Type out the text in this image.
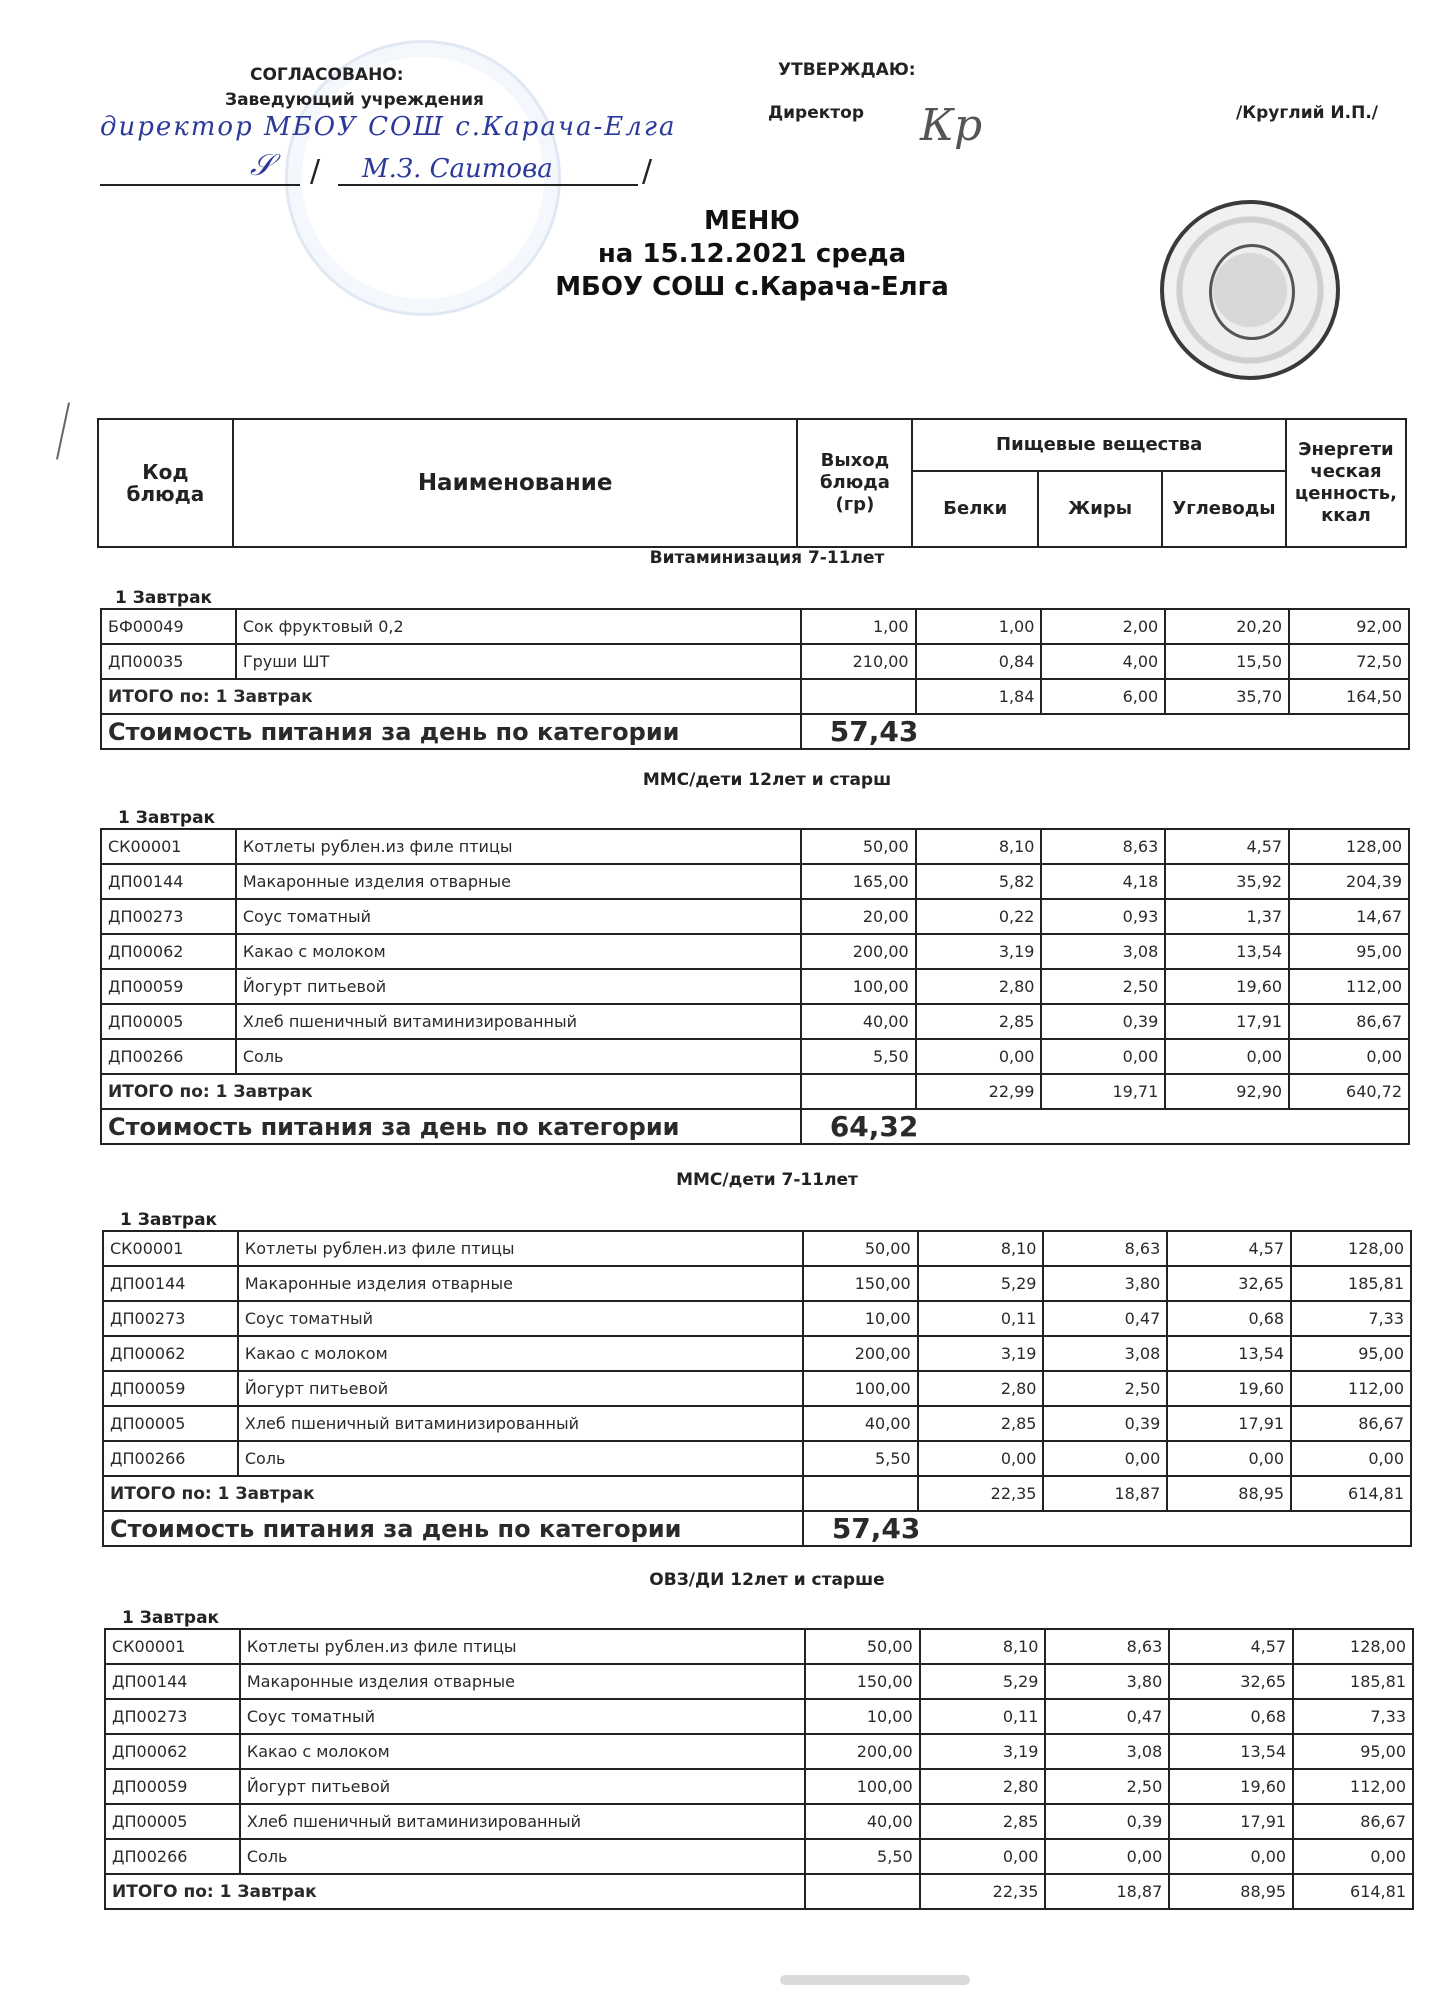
СОГЛАСОВАНО:
Заведующий учреждения
директор МБОУ СОШ с.Карача-Елга
𝒮 / М.З. Саитова	/
УТВЕРЖДАЮ:
Директор Кр	/Круглий И.П./
МЕНЮ
на 15.12.2021 среда
МБОУ СОШ с.Карача-Елга
Код блюда	Наименование	Выход блюда (гр)	Пищевые вещества			Энергети ческая ценность, ккал
			Белки	Жиры	Углеводы	
Витаминизация 7-11лет
1 Завтрак
БФ00049	Сок фруктовый 0,2	1,00	1,00	2,00	20,20	92,00
ДП00035	Груши ШТ	210,00	0,84	4,00	15,50	72,50
ИТОГО по: 1 Завтрак			1,84	6,00	35,70	164,50
Стоимость питания за день по категории		57,43				
ММС/дети 12лет и старш
1 Завтрак
СК00001	Котлеты рублен.из филе птицы	50,00	8,10	8,63	4,57	128,00
ДП00144	Макаронные изделия отварные	165,00	5,82	4,18	35,92	204,39
ДП00273	Соус томатный	20,00	0,22	0,93	1,37	14,67
ДП00062	Какао с молоком	200,00	3,19	3,08	13,54	95,00
ДП00059	Йогурт питьевой	100,00	2,80	2,50	19,60	112,00
ДП00005	Хлеб пшеничный витаминизированный	40,00	2,85	0,39	17,91	86,67
ДП00266	Соль	5,50	0,00	0,00	0,00	0,00
ИТОГО по: 1 Завтрак			22,99	19,71	92,90	640,72
Стоимость питания за день по категории		64,32				
ММС/дети 7-11лет
1 Завтрак
СК00001	Котлеты рублен.из филе птицы	50,00	8,10	8,63	4,57	128,00
ДП00144	Макаронные изделия отварные	150,00	5,29	3,80	32,65	185,81
ДП00273	Соус томатный	10,00	0,11	0,47	0,68	7,33
ДП00062	Какао с молоком	200,00	3,19	3,08	13,54	95,00
ДП00059	Йогурт питьевой	100,00	2,80	2,50	19,60	112,00
ДП00005	Хлеб пшеничный витаминизированный	40,00	2,85	0,39	17,91	86,67
ДП00266	Соль	5,50	0,00	0,00	0,00	0,00
ИТОГО по: 1 Завтрак			22,35	18,87	88,95	614,81
Стоимость питания за день по категории		57,43				
ОВЗ/ДИ 12лет и старше
1 Завтрак
СК00001	Котлеты рублен.из филе птицы	50,00	8,10	8,63	4,57	128,00
ДП00144	Макаронные изделия отварные	150,00	5,29	3,80	32,65	185,81
ДП00273	Соус томатный	10,00	0,11	0,47	0,68	7,33
ДП00062	Какао с молоком	200,00	3,19	3,08	13,54	95,00
ДП00059	Йогурт питьевой	100,00	2,80	2,50	19,60	112,00
ДП00005	Хлеб пшеничный витаминизированный	40,00	2,85	0,39	17,91	86,67
ДП00266	Соль	5,50	0,00	0,00	0,00	0,00
ИТОГО по: 1 Завтрак			22,35	18,87	88,95	614,81
